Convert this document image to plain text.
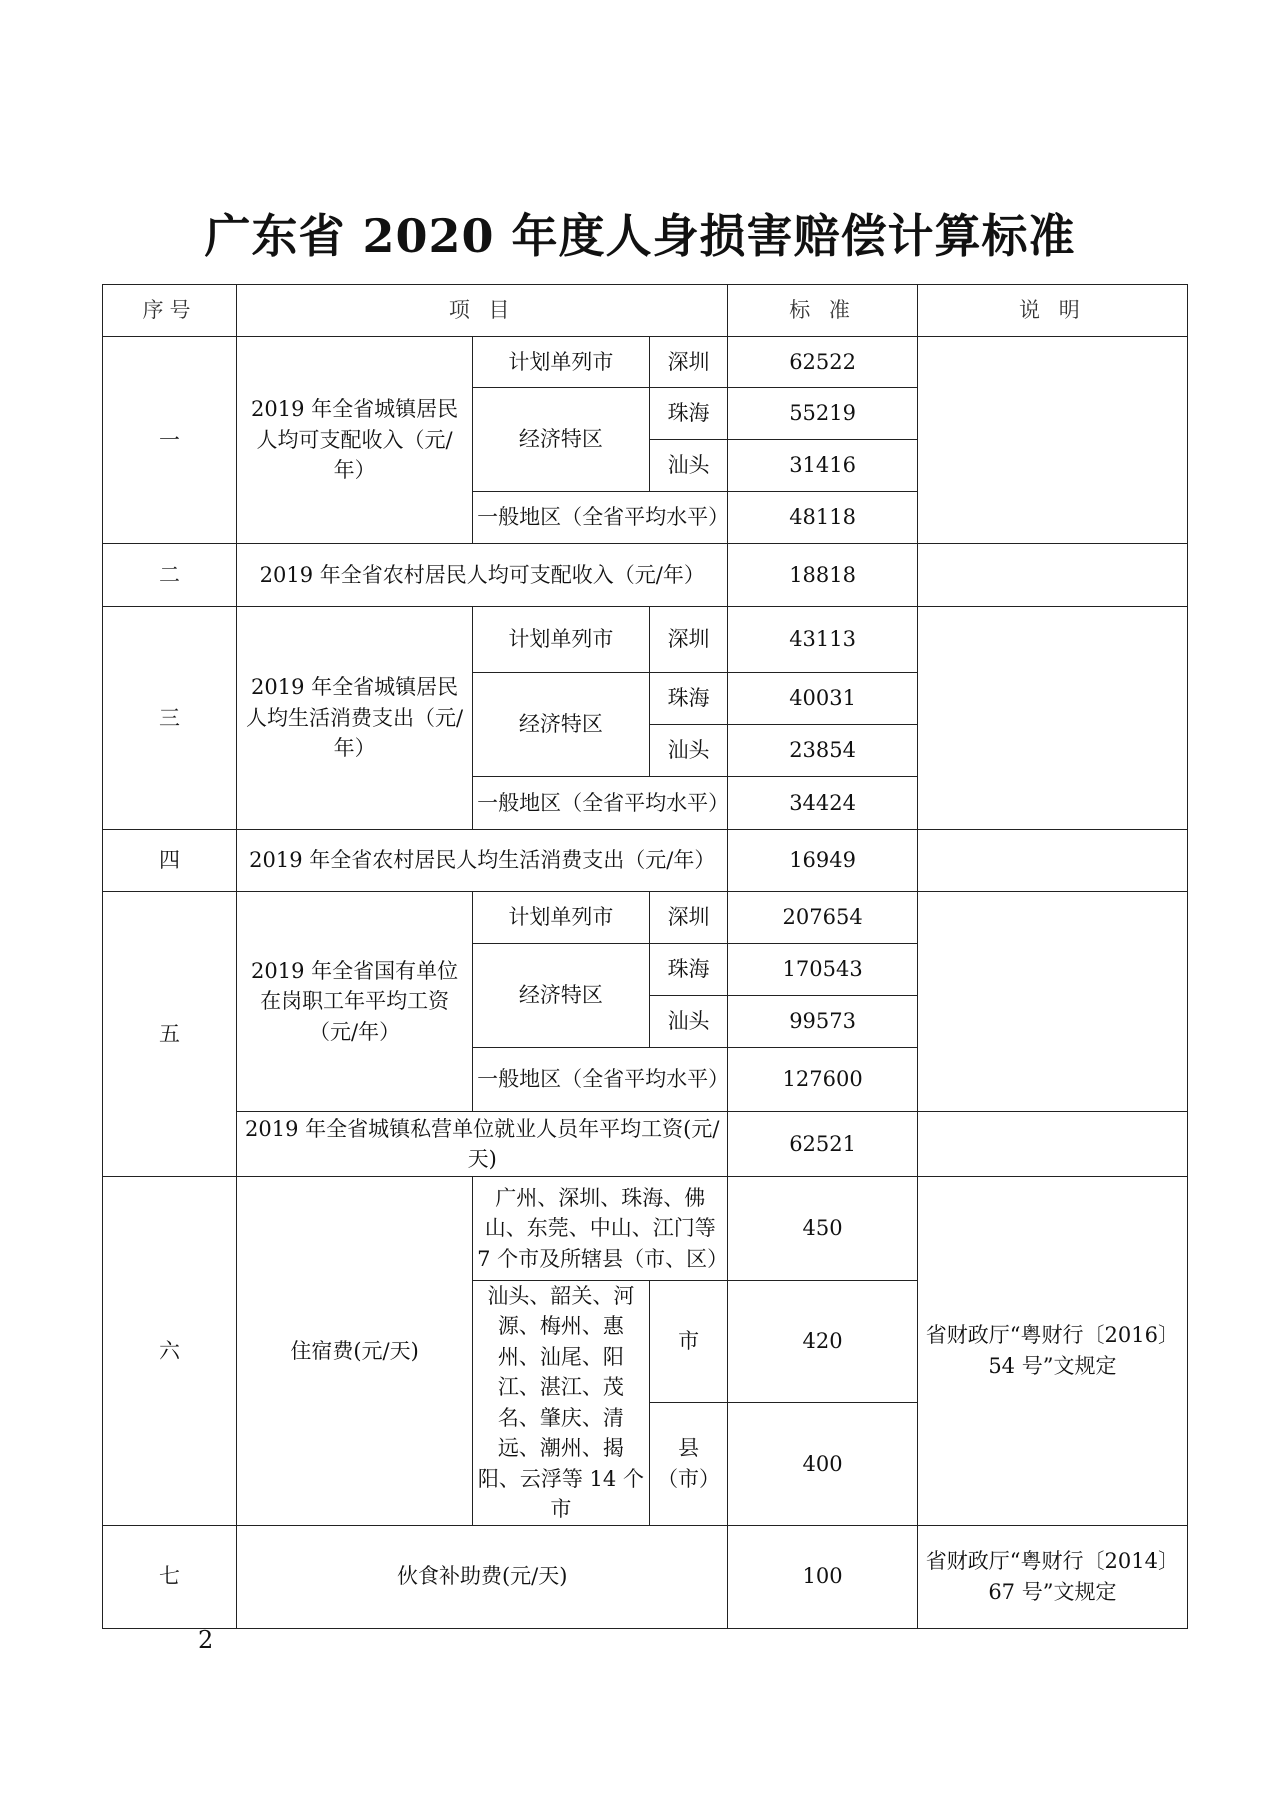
广东省 2020 年度人身损害赔偿计算标准
序号	项 目			标 准	说 明
一	2019 年全省城镇居民人均可支配收入（元/年）	计划单列市	深圳	62522	
		经济特区	珠海	55219	
			汕头	31416	
		一般地区（全省平均水平）		48118	
二	2019 年全省农村居民人均可支配收入（元/年）			18818	
三	2019 年全省城镇居民人均生活消费支出（元/年）	计划单列市	深圳	43113	
		经济特区	珠海	40031	
			汕头	23854	
		一般地区（全省平均水平）		34424	
四	2019 年全省农村居民人均生活消费支出（元/年）			16949	
五	2019 年全省国有单位在岗职工年平均工资（元/年）	计划单列市	深圳	207654	
		经济特区	珠海	170543	
			汕头	99573	
		一般地区（全省平均水平）		127600	
	2019 年全省城镇私营单位就业人员年平均工资(元/天)			62521	
六	住宿费(元/天)	广州、深圳、珠海、佛山、东莞、中山、江门等 7 个市及所辖县（市、区）		450	省财政厅“粤财行〔2016〕54 号”文规定
		汕头、韶关、河源、梅州、惠州、汕尾、阳江、湛江、茂名、肇庆、清远、潮州、揭阳、云浮等 14 个市	市	420	
			县（市）	400	
七	伙食补助费(元/天)			100	省财政厅“粤财行〔2014〕67 号”文规定
2
